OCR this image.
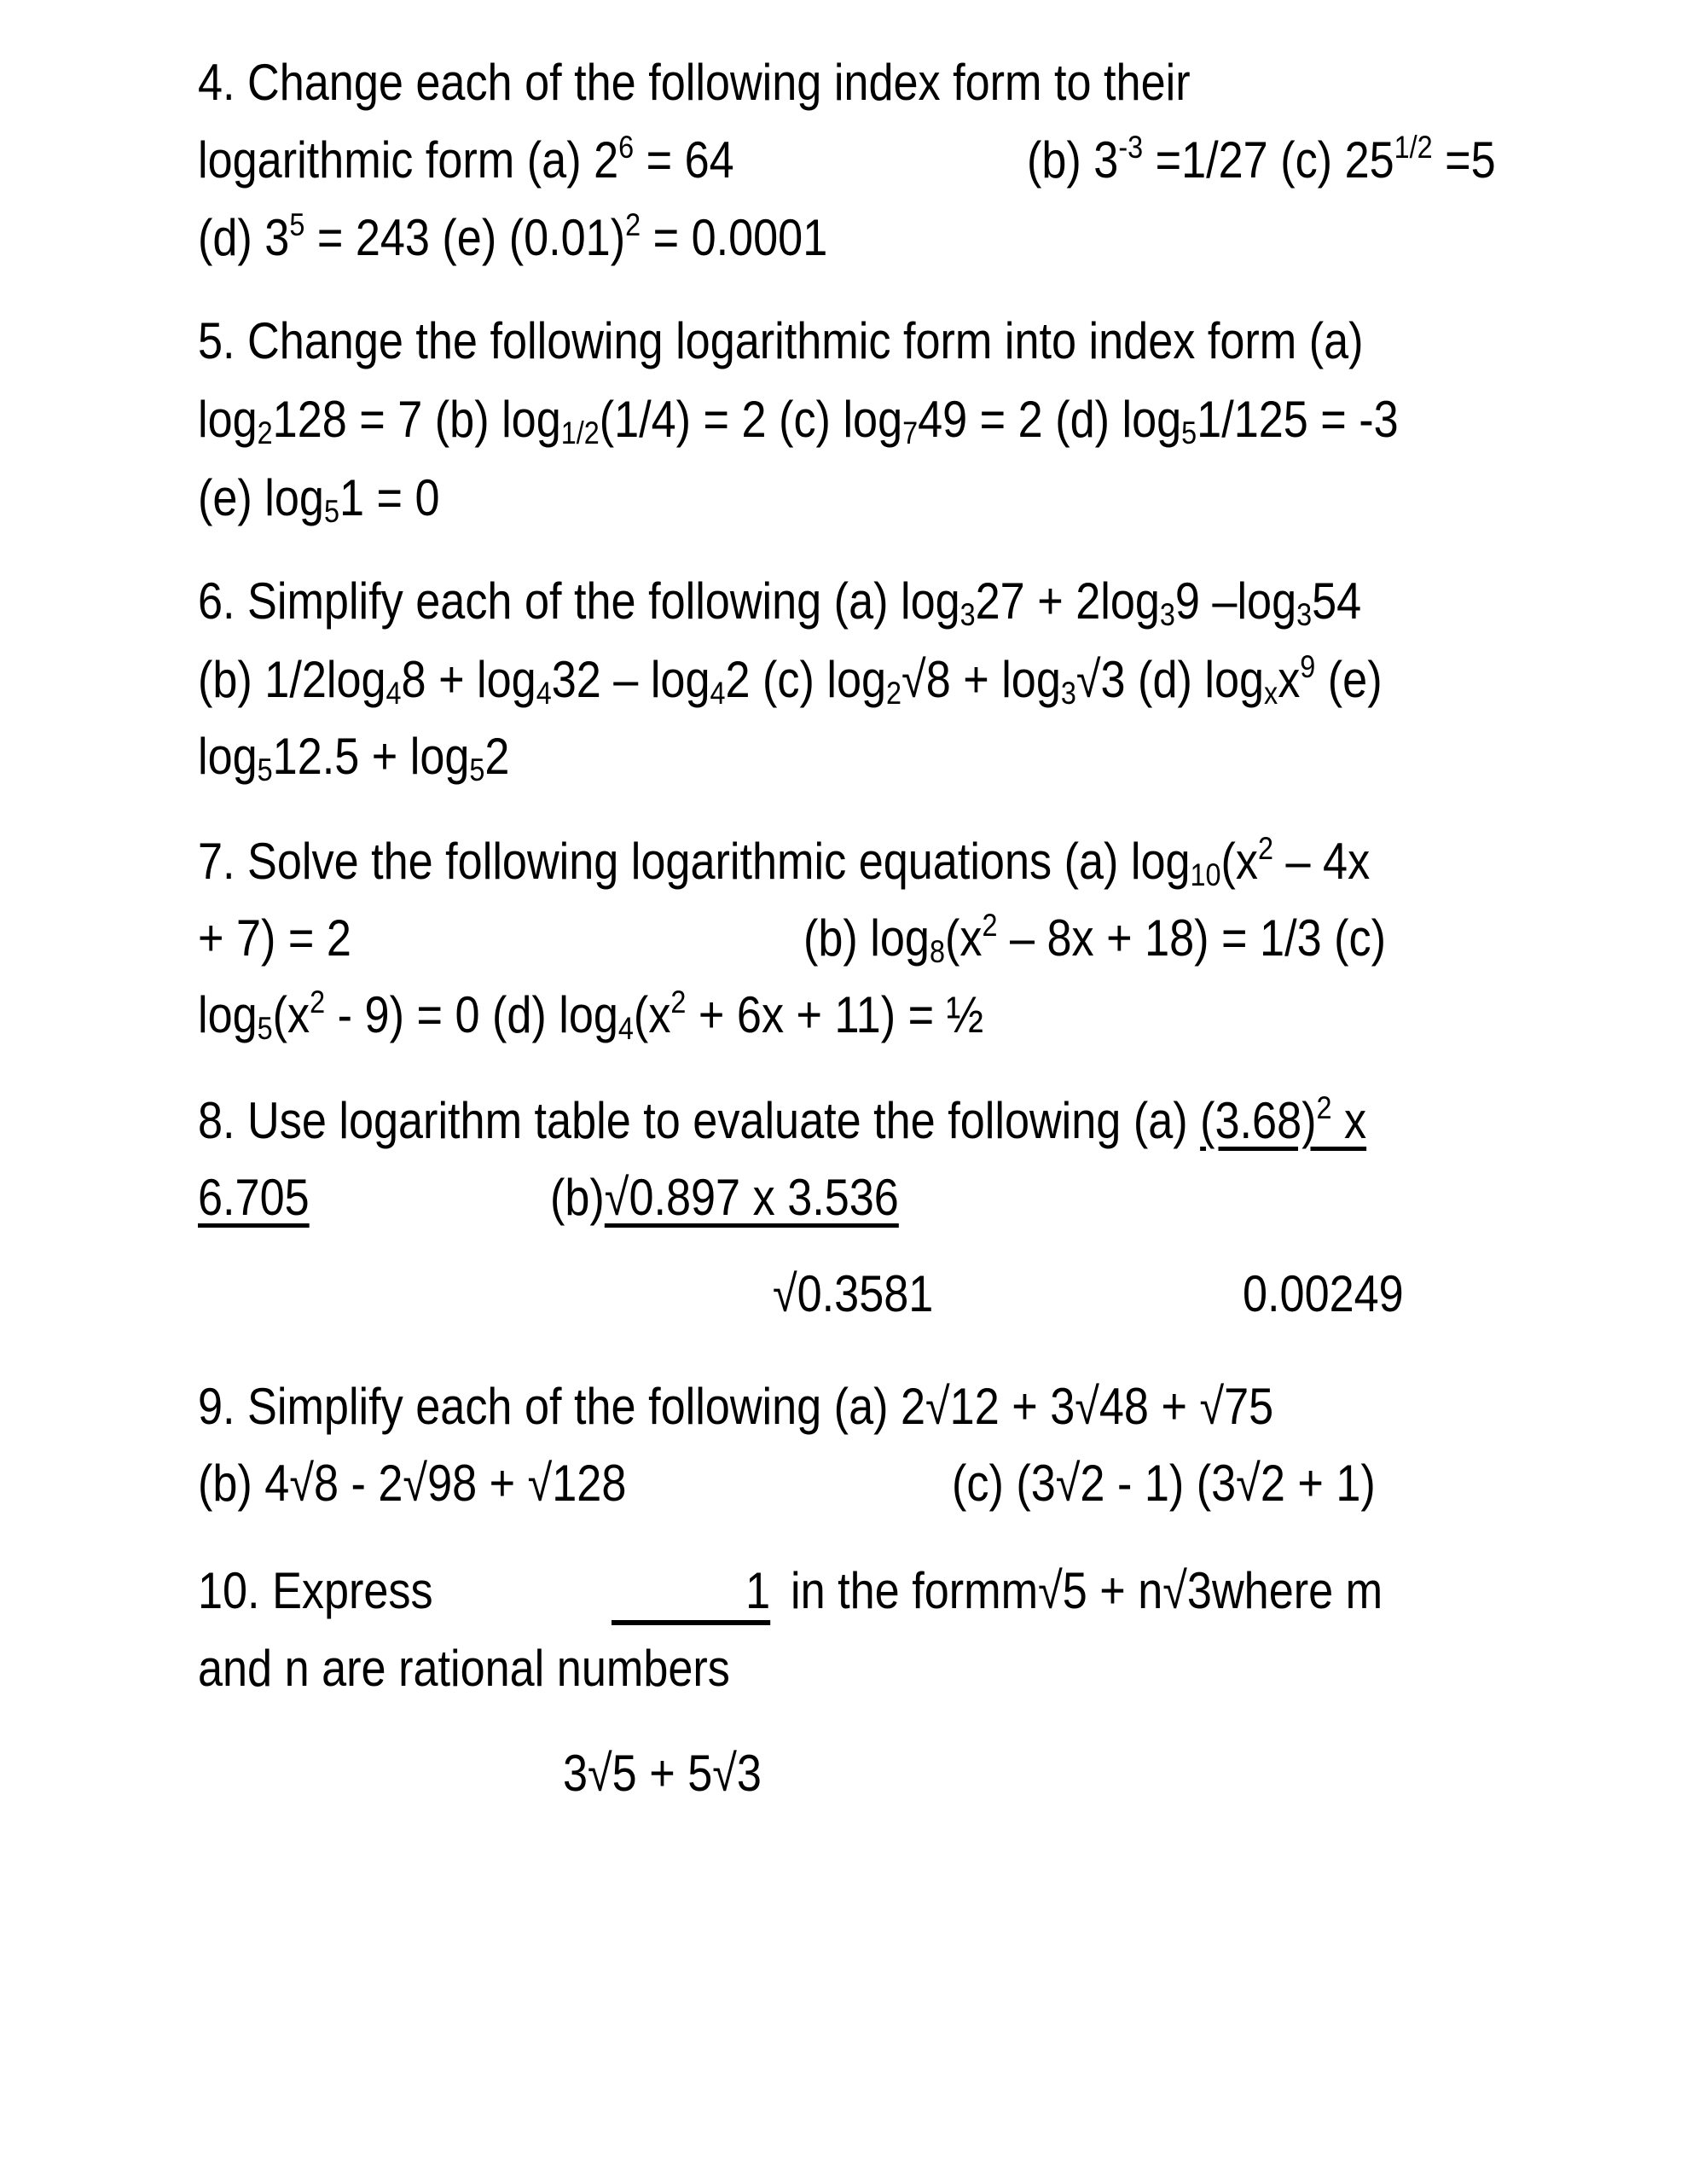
4. Change each of the following index form to their
logarithmic form (a) $2^6 = 64$	(b) $3^{-3} =1/27$ (c) $25^{1/2} =5$
(d) $3^5 = 243$ (e) $(0.01)^2 = 0.0001$
5. Change the following logarithmic form into index form (a)
$\log_2128 = 7$ (b) $\log_{1/2}(1/4) = 2$ (c) $\log_749 = 2$ (d) $\log_51/125 = -3$
(e) $\log_51 = 0$
6. Simplify each of the following (a) $\log_327 + 2\log_39$ $-\log_354$
(b) $1/2\log_48 + \log_432 - \log_42$ (c) $\log_2√8 + \log_3√3$ (d) $\log_xx^9$ (e)
$\log_512.5 + \log_52$
7. Solve the following logarithmic equations (a) $\log_{10}(x^2 - 4x$
+ 7) = 2	(b) $\log_8(x^2 - 8x + 18) = 1/3$ (c)
$\log_5(x^2 - 9) = 0$ (d) $\log_4(x^2 + 6x + 11)$ = ½
8. Use logarithm table to evaluate the following (a) $(3.68)^2$ x
6.705	(b)√0.897 x 3.536
√0.3581	0.00249
9. Simplify each of the following (a) 2√12 + 3√48 + √75
(b) 4√8 - 2√98 + √128	(c) (3√2 - 1) (3√2 + 1)
10. Express	1 in the formm√5 + n√3where m
and n are rational numbers
3√5 + 5√3
